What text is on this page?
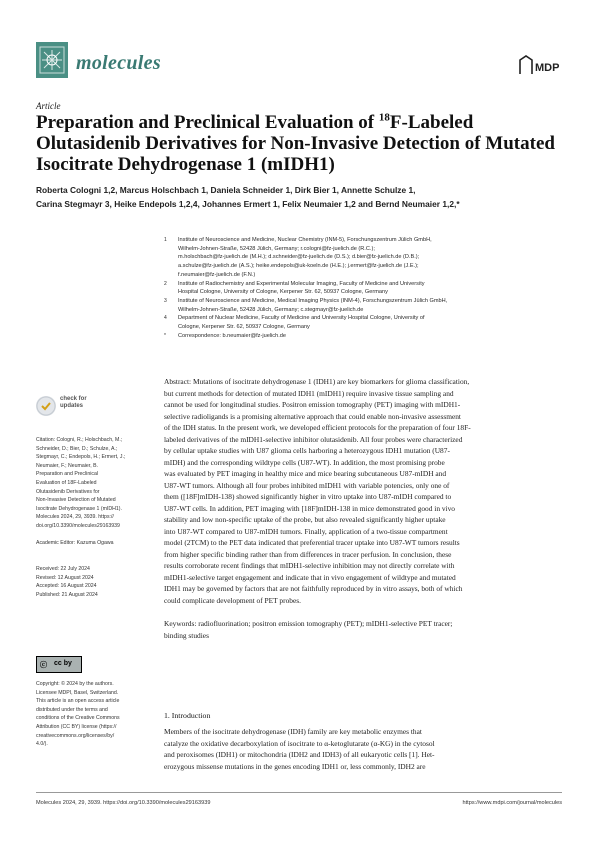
molecules	MDPI
Article
Preparation and Preclinical Evaluation of $^{18}$F-Labeled
Olutasidenib Derivatives for Non-Invasive Detection of Mutated
Isocitrate Dehydrogenase 1 (mIDH1)
Roberta Cologni 1,2, Marcus Holschbach 1, Daniela Schneider 1, Dirk Bier 1, Annette Schulze 1,
Carina Stegmayr 3, Heike Endepols 1,2,4, Johannes Ermert 1, Felix Neumaier 1,2 and Bernd Neumaier 1,2,*
1 Institute of Neuroscience and Medicine, Nuclear Chemistry (INM-5), Forschungszentrum Jülich GmbH,
Wilhelm-Johnen-Straße, 52428 Jülich, Germany; r.cologni@fz-juelich.de (R.C.);
m.holschbach@fz-juelich.de (M.H.); d.schneider@fz-juelich.de (D.S.); d.bier@fz-juelich.de (D.B.);
a.schulze@fz-juelich.de (A.S.); heike.endepols@uk-koeln.de (H.E.); j.ermert@fz-juelich.de (J.E.);
f.neumaier@fz-juelich.de (F.N.)
2 Institute of Radiochemistry and Experimental Molecular Imaging, Faculty of Medicine and University
Hospital Cologne, University of Cologne, Kerpener Str. 62, 50937 Cologne, Germany
3 Institute of Neuroscience and Medicine, Medical Imaging Physics (INM-4), Forschungszentrum Jülich GmbH,
Wilhelm-Johnen-Straße, 52428 Jülich, Germany; c.stegmayr@fz-juelich.de
4 Department of Nuclear Medicine, Faculty of Medicine and University Hospital Cologne, University of
Cologne, Kerpener Str. 62, 50937 Cologne, Germany
* Correspondence: b.neumaier@fz-juelich.de
check for
updates
Citation: Cologni, R.; Holschbach, M.;
Schneider, D.; Bier, D.; Schulze, A.;
Stegmayr, C.; Endepols, H.; Ermert, J.;
Neumaier, F.; Neumaier, B.
Preparation and Preclinical
Evaluation of 18F-Labeled
Olutasidenib Derivatives for
Non-Invasive Detection of Mutated
Isocitrate Dehydrogenase 1 (mIDH1).
Molecules 2024, 29, 3939. https://
doi.org/10.3390/molecules29163939
Academic Editor: Kazuma Ogawa
Received: 22 July 2024
Revised: 12 August 2024
Accepted: 16 August 2024
Published: 21 August 2024
ⓒ cc by
Copyright: © 2024 by the authors.
Licensee MDPI, Basel, Switzerland.
This article is an open access article
distributed under the terms and
conditions of the Creative Commons
Attribution (CC BY) license (https://
creativecommons.org/licenses/by/
4.0/).
Abstract: Mutations of isocitrate dehydrogenase 1 (IDH1) are key biomarkers for glioma classification,
but current methods for detection of mutated IDH1 (mIDH1) require invasive tissue sampling and
cannot be used for longitudinal studies. Positron emission tomography (PET) imaging with mIDH1-
selective radioligands is a promising alternative approach that could enable non-invasive assessment
of the IDH status. In the present work, we developed efficient protocols for the preparation of four 18F-
labeled derivatives of the mIDH1-selective inhibitor olutasidenib. All four probes were characterized
by cellular uptake studies with U87 glioma cells harboring a heterozygous IDH1 mutation (U87-
mIDH) and the corresponding wildtype cells (U87-WT). In addition, the most promising probe
was evaluated by PET imaging in healthy mice and mice bearing subcutaneous U87-mIDH and
U87-WT tumors. Although all four probes inhibited mIDH1 with variable potencies, only one of
them ([18F]mIDH-138) showed significantly higher in vitro uptake into U87-mIDH compared to
U87-WT cells. In addition, PET imaging with [18F]mIDH-138 in mice demonstrated good in vivo
stability and low non-specific uptake of the probe, but also revealed significantly higher uptake
into U87-WT compared to U87-mIDH tumors. Finally, application of a two-tissue compartment
model (2TCM) to the PET data indicated that preferential tracer uptake into U87-WT tumors results
from higher specific binding rather than from differences in tracer perfusion. In conclusion, these
results corroborate recent findings that mIDH1-selective inhibition may not directly correlate with
mIDH1-selective target engagement and indicate that in vivo engagement of wildtype and mutated
IDH1 may be governed by factors that are not faithfully reproduced by in vitro assays, both of which
could complicate development of PET probes.
Keywords: radiofluorination; positron emission tomography (PET); mIDH1-selective PET tracer;
binding studies
1. Introduction
Members of the isocitrate dehydrogenase (IDH) family are key metabolic enzymes that
catalyze the oxidative decarboxylation of isocitrate to α-ketoglutarate (α-KG) in the cytosol
and peroxisomes (IDH1) or mitochondria (IDH2 and IDH3) of all eukaryotic cells [1]. Het-
erozygous missense mutations in the genes encoding IDH1 or, less commonly, IDH2 are
Molecules 2024, 29, 3939. https://doi.org/10.3390/molecules29163939	https://www.mdpi.com/journal/molecules
